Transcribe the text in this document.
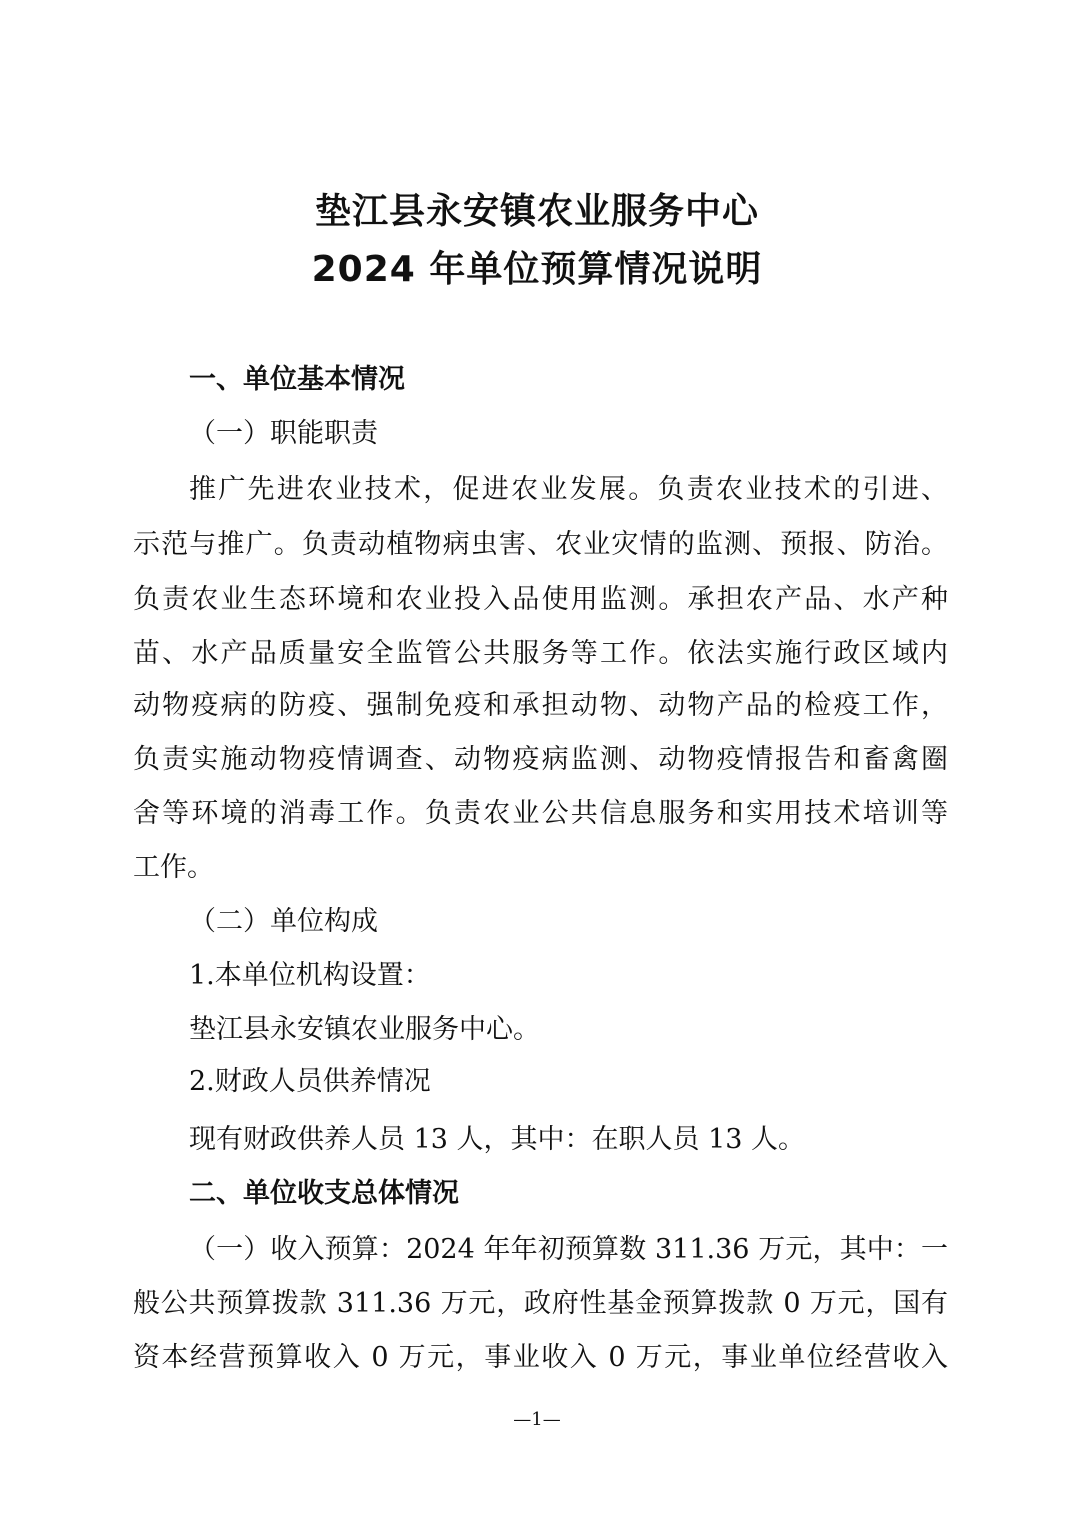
垫江县永安镇农业服务中心
2024 年单位预算情况说明
一、单位基本情况
（一）职能职责
推广先进农业技术，促进农业发展。负责农业技术的引进、
示范与推广。负责动植物病虫害、农业灾情的监测、预报、防治。
负责农业生态环境和农业投入品使用监测。承担农产品、水产种
苗、水产品质量安全监管公共服务等工作。依法实施行政区域内
动物疫病的防疫、强制免疫和承担动物、动物产品的检疫工作，
负责实施动物疫情调查、动物疫病监测、动物疫情报告和畜禽圈
舍等环境的消毒工作。负责农业公共信息服务和实用技术培训等
工作。
（二）单位构成
1.本单位机构设置：
垫江县永安镇农业服务中心。
2.财政人员供养情况
现有财政供养人员 13 人，其中：在职人员 13 人。
二、单位收支总体情况
（一）收入预算：2024 年年初预算数 311.36 万元，其中：一
般公共预算拨款 311.36 万元，政府性基金预算拨款 0 万元，国有
资本经营预算收入 0 万元，事业收入 0 万元，事业单位经营收入
—1—
